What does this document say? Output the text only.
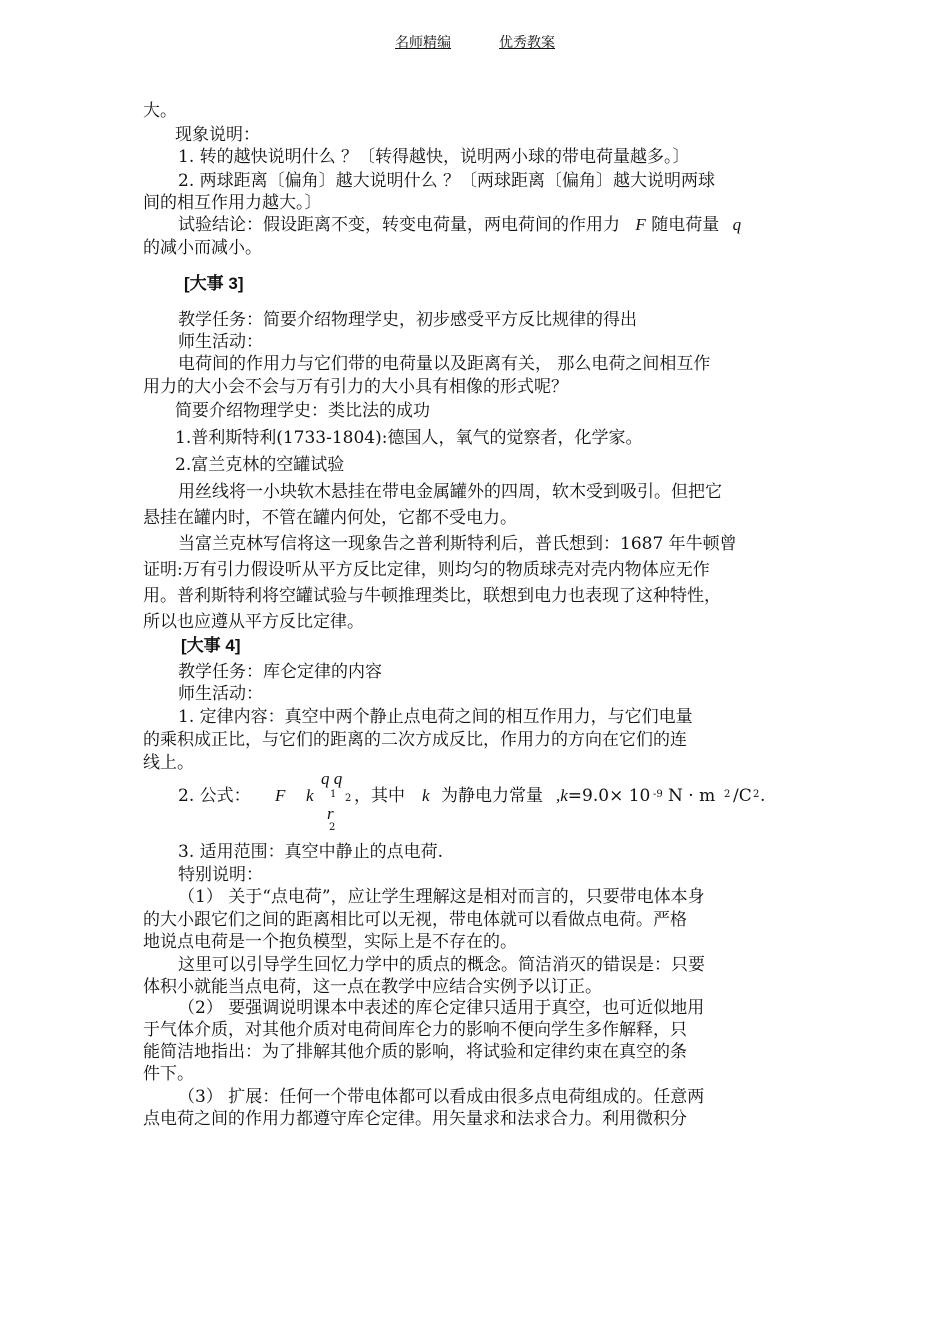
名师精编	优秀教案
大。
现象说明：
1. 转的越快说明什么 ？〔转得越快，说明两小球的带电荷量越多。〕
2. 两球距离〔偏角〕越大说明什么 ？〔两球距离〔偏角〕越大说明两球
间的相互作用力越大。〕
试验结论：假设距离不变，转变电荷量，两电荷间的作用力 F 随电荷量 q
的减小而减小。
[大事 3]
教学任务：简要介绍物理学史，初步感受平方反比规律的得出
师生活动：
电荷间的作用力与它们带的电荷量以及距离有关， 那么电荷之间相互作
用力的大小会不会与万有引力的大小具有相像的形式呢？
简要介绍物理学史：类比法的成功
1.普利斯特利(1733-1804):德国人，氧气的觉察者，化学家。
2.富兰克林的空罐试验
用丝线将一小块软木悬挂在带电金属罐外的四周，软木受到吸引。但把它
悬挂在罐内时，不管在罐内何处，它都不受电力。
当富兰克林写信将这一现象告之普利斯特利后，普氏想到：1687 年牛顿曾
证明:万有引力假设听从平方反比定律，则均匀的物质球壳对壳内物体应无作
用。普利斯特利将空罐试验与牛顿推理类比，联想到电力也表现了这种特性，
所以也应遵从平方反比定律。
[大事 4]
教学任务：库仑定律的内容
师生活动：
1. 定律内容：真空中两个静止点电荷之间的相互作用力，与它们电量
的乘积成正比，与它们的距离的二次方成反比，作用力的方向在它们的连
线上。
2. 公式： F k
q q
1 2 ，其中 k 为静电力常量 ,k=9.0× 10 -9 N · m 2 /C 2 .
r
2
3. 适用范围：真空中静止的点电荷.
特别说明：
（1） 关于“点电荷”，应让学生理解这是相对而言的，只要带电体本身
的大小跟它们之间的距离相比可以无视，带电体就可以看做点电荷。严格
地说点电荷是一个抱负模型，实际上是不存在的。
这里可以引导学生回忆力学中的质点的概念。简洁消灭的错误是：只要
体积小就能当点电荷，这一点在教学中应结合实例予以订正。
（2） 要强调说明课本中表述的库仑定律只适用于真空，也可近似地用
于气体介质，对其他介质对电荷间库仑力的影响不便向学生多作解释，只
能简洁地指出：为了排解其他介质的影响，将试验和定律约束在真空的条
件下。
（3） 扩展：任何一个带电体都可以看成由很多点电荷组成的。任意两
点电荷之间的作用力都遵守库仑定律。用矢量求和法求合力。利用微积分
